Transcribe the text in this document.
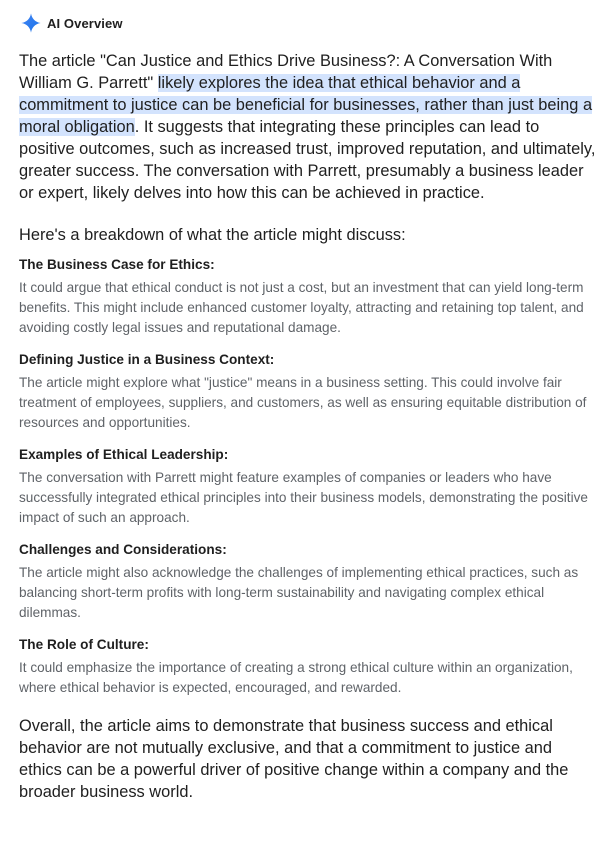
AI Overview
The article "Can Justice and Ethics Drive Business?: A Conversation With William G. Parrett" likely explores the idea that ethical behavior and a commitment to justice can be beneficial for businesses, rather than just being a moral obligation. It suggests that integrating these principles can lead to positive outcomes, such as increased trust, improved reputation, and ultimately, greater success. The conversation with Parrett, presumably a business leader or expert, likely delves into how this can be achieved in practice.
Here's a breakdown of what the article might discuss:
The Business Case for Ethics:
It could argue that ethical conduct is not just a cost, but an investment that can yield long-term benefits. This might include enhanced customer loyalty, attracting and retaining top talent, and avoiding costly legal issues and reputational damage.
Defining Justice in a Business Context:
The article might explore what "justice" means in a business setting. This could involve fair treatment of employees, suppliers, and customers, as well as ensuring equitable distribution of resources and opportunities.
Examples of Ethical Leadership:
The conversation with Parrett might feature examples of companies or leaders who have successfully integrated ethical principles into their business models, demonstrating the positive impact of such an approach.
Challenges and Considerations:
The article might also acknowledge the challenges of implementing ethical practices, such as balancing short-term profits with long-term sustainability and navigating complex ethical dilemmas.
The Role of Culture:
It could emphasize the importance of creating a strong ethical culture within an organization, where ethical behavior is expected, encouraged, and rewarded.
Overall, the article aims to demonstrate that business success and ethical behavior are not mutually exclusive, and that a commitment to justice and ethics can be a powerful driver of positive change within a company and the broader business world.
